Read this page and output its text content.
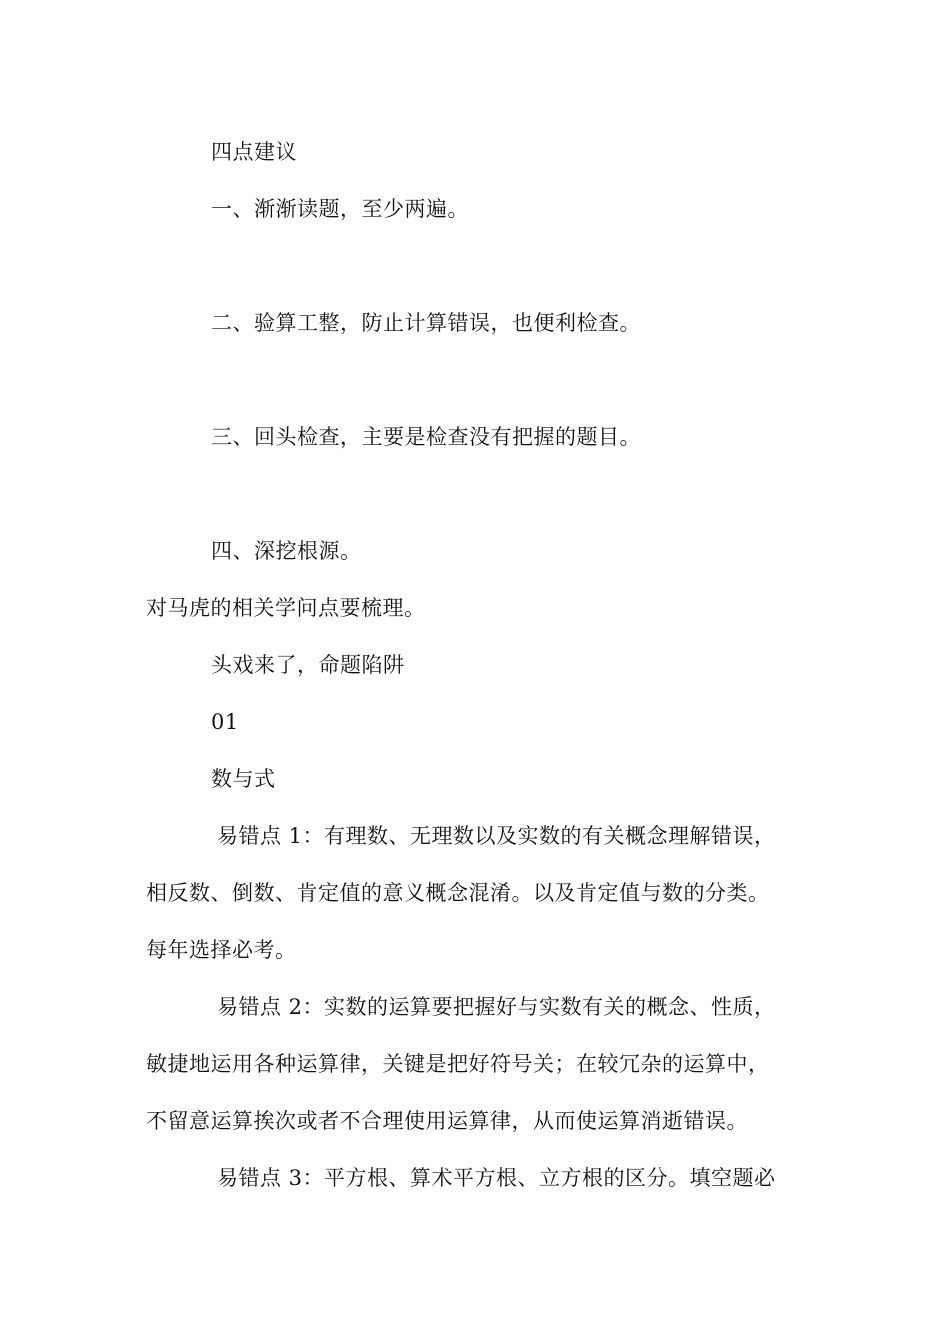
四点建议

一、渐渐读题，至少两遍。

二、验算工整，防止计算错误，也便利检查。

三、回头检查，主要是检查没有把握的题目。

四、深挖根源。

对马虎的相关学问点要梳理。

头戏来了，命题陷阱

01

数与式

易错点 1：有理数、无理数以及实数的有关概念理解错误，

相反数、倒数、肯定值的意义概念混淆。以及肯定值与数的分类。

每年选择必考。

易错点 2：实数的运算要把握好与实数有关的概念、性质，

敏捷地运用各种运算律，关键是把好符号关；在较冗杂的运算中，

不留意运算挨次或者不合理使用运算律，从而使运算消逝错误。

易错点 3：平方根、算术平方根、立方根的区分。填空题必
